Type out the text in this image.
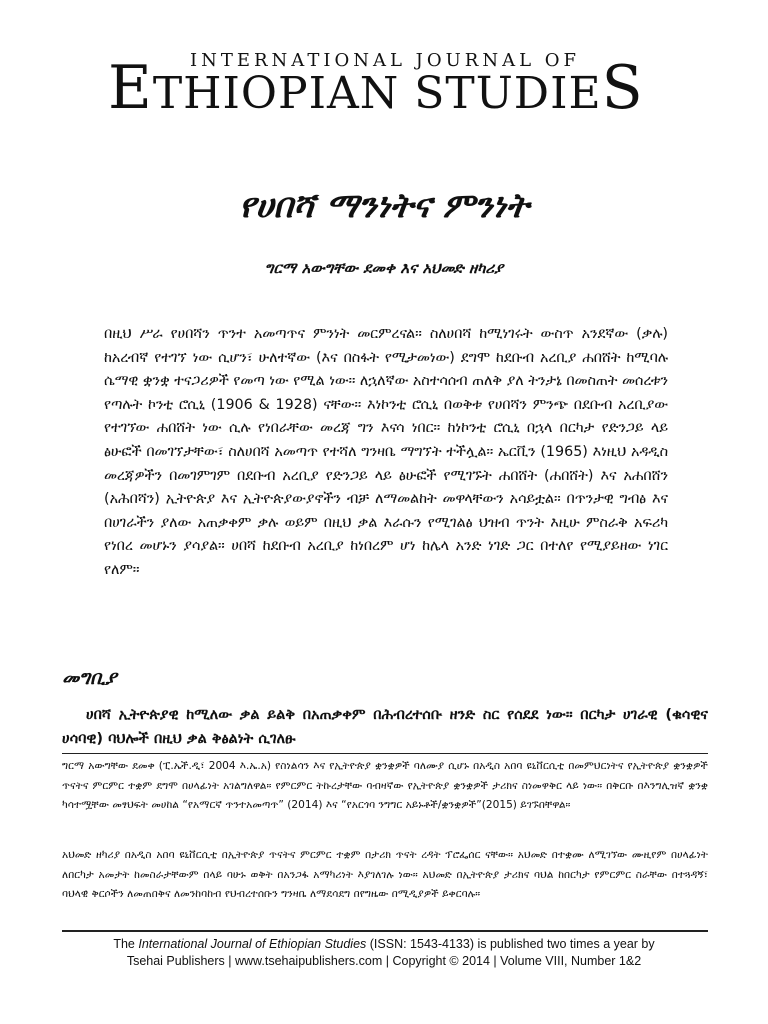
INTERNATIONAL JOURNAL OF
ETHIOPIAN STUDIES
የሀበሻ ማንነትና ምንነት
ግርማ አውግቸው ደመቀ እና አህመድ ዘካሪያ
በዚህ ሥራ የሀበሻን ጥንተ አመጣጥና ምንነት መርምረናል። ስለሀበሻ ከሚነገሩት ውስጥ አንደኛው (ቃሉ) ከአረብኛ የተገኘ ነው ሲሆን፣ ሁለተኛው (እና በስፋት የሚታመነው) ደግሞ ከደቡብ አረቢያ ሐበሸት ከሚባሉ ሴማዊ ቋንቋ ተናጋሪዎች የመጣ ነው የሚል ነው። ለኋለኛው አስተሳሰብ ጠለቅ ያለ ትንታኔ በመስጠት መሰረቱን የጣሉት ኮንቲ ሮሲኒ (1906 & 1928) ናቸው። እነኮንቲ ሮሲኒ በወቅቱ የሀበሻን ምንጭ በደቡብ አረቢያው የተገኘው ሐበሸት ነው ሲሉ የነበራቸው መረጃ ግን እናሳ ነበር። ከነኮንቲ ሮሲኒ በኋላ በርካታ የድንጋይ ላይ ፅሁፎች በመገኘታቸው፣ ስለሀበሻ አመጣጥ የተሻለ ግንዛቤ ማግኘት ተችሏል። ኤርቪን (1965) እነዚህ አዳዲስ መረጃዎችን በመገምገም በደቡብ አረቢያ የድንጋይ ላይ ፅሁፎች የሚገኙት ሐበሸት (ሐበሸት) እና አሐበሸን (አሕበሻን) ኢትዮጵያ እና ኢትዮጵያውያኖችን ብቻ ለማመልከት መዋላቸውን አሳይቷል። በጥንታዊ ግብፅ እና በሀገራችን ያለው አጠቃቀም ቃሉ ወይም በዚህ ቃል እራሱን የሚገልፅ ህዝብ ጥንት እዚሁ ምስራቅ አፍሪካ የነበረ መሆኑን ያሳያል። ሀበሻ ከደቡብ አረቢያ ከነበረም ሆነ ከሌላ አንድ ነገድ ጋር በተለየ የሚያይዘው ነገር የለም።
መግቢያ
ሀበሻ ኢትዮጵያዊ ከሚለው ቃል ይልቅ በአጠቃቀም በሕብረተሰቡ ዘንድ ስር የሰደደ ነው። በርካታ ሀገራዊ (ቁሳዊና ሀሳባዊ) ባህሎች በዚህ ቃል ቅፅልነት ሲገለፁ
ግርማ አውግቸው ደመቀ (ፒ.ኤች.ዲ፣ 2004 እ.ኤ.አ) የስነልሳን እና የኢትዮጵያ ቋንቋዎች ባለሙያ ሲሆኑ በአዲስ አበባ ዩኒቨርሲቲ በመምህርነትና የኢትዮጵያ ቋንቋዎች ጥናትና ምርምር ተቋም ደግሞ በሀላፊነት አገልግለዋል። የምርምር ትኩረታቸው ባብዛኛው የኢትዮጵያ ቋንቋዎች ታሪክና ስነመዋቅር ላይ ነው። በቅርቡ በእንግሊዝኛ ቋንቋ ካሳተሟቸው መፃህፍት መሀከል “የአማርኛ ጥንተአመጣጥ” (2014) እና “የአርጎባ ንግግር አይኑቶች/ቋንቋዎች”(2015) ይገኙበቸዋል።
አህመድ ዘካሪያ በአዲስ አበባ ዩኒቨርሲቲ በኢትዮጵያ ጥናትና ምርምር ተቋም በታሪክ ጥናት ረዳት ፕሮፌሰር ናቸው። አህመድ በተቋሙ ለሚገኘው ሙዚየም በሀላፊነት ለበርካታ አመታት ከመስራታቸውም በላይ ባሁኑ ወቅት በአንጋፋ አማካሪነት እያገለገሉ ነው። አህመድ በኢትዮጵያ ታሪክና ባህል ከበርካታ የምርምር ስራቸው በተጓዳኝ፣ ባህላዊ ቅርሶችን ለመጠበቅና ለመንከባከብ የህብረተሰቡን ግንዛቤ ለማደሳደግ በየግዜው በሚዲያዎች ይቀርባሉ።
The International Journal of Ethiopian Studies (ISSN: 1543-4133) is published two times a year by
Tsehai Publishers | www.tsehaipublishers.com | Copyright © 2014 | Volume VIII, Number 1&2
